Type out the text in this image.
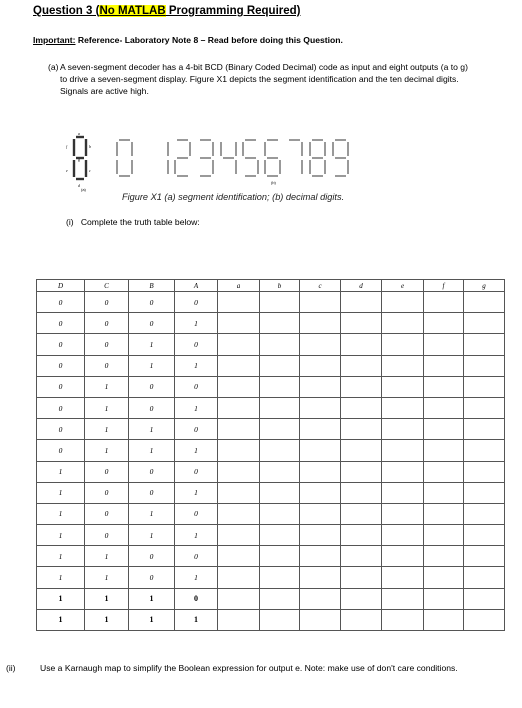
Question 3 (No MATLAB Programming Required)
Important: Reference- Laboratory Note 8 – Read before doing this Question.
(a) A seven-segment decoder has a 4-bit BCD (Binary Coded Decimal) code as input and eight outputs (a to g) to drive a seven-segment display. Figure X1 depicts the segment identification and the ten decimal digits. Signals are active high.
a
b
c
d
e
f
g
(a)
(b)
Figure X1 (a) segment identification; (b) decimal digits.
(i) Complete the truth table below:
D	C	B	A	a	b	c	d	e	f	g
0	0	0	0							
0	0	0	1							
0	0	1	0							
0	0	1	1							
0	1	0	0							
0	1	0	1							
0	1	1	0							
0	1	1	1							
1	0	0	0							
1	0	0	1							
1	0	1	0							
1	0	1	1							
1	1	0	0							
1	1	0	1							
1	1	1	0							
1	1	1	1							
(ii)	Use a Karnaugh map to simplify the Boolean expression for output e. Note: make use of don't care conditions.
